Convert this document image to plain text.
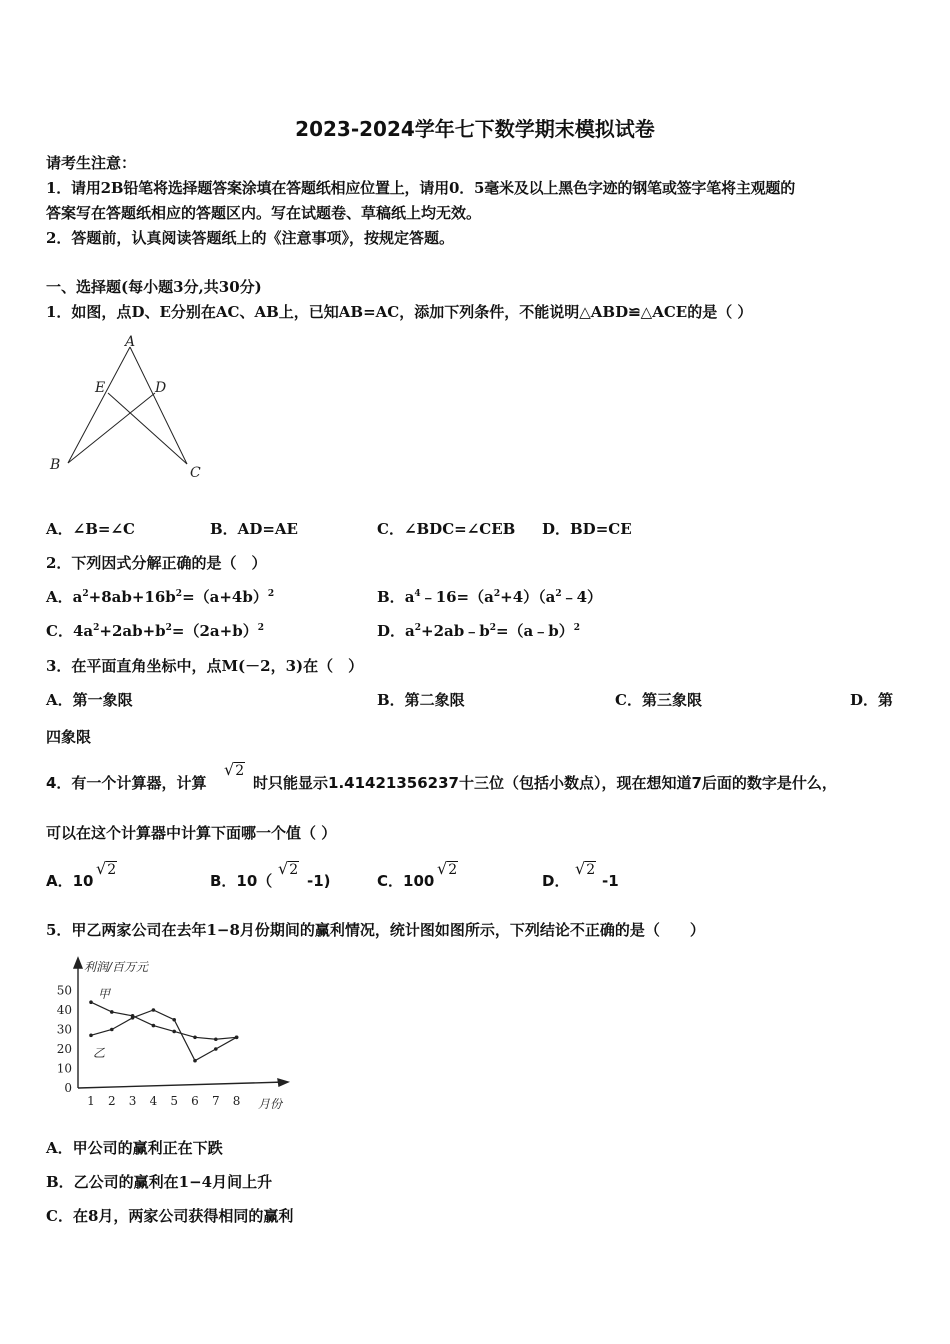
2023-2024学年七下数学期末模拟试卷
请考生注意：
1．请用2B铅笔将选择题答案涂填在答题纸相应位置上，请用0．5毫米及以上黑色字迹的钢笔或签字笔将主观题的
答案写在答题纸相应的答题区内。写在试题卷、草稿纸上均无效。
2．答题前，认真阅读答题纸上的《注意事项》，按规定答题。
一、选择题(每小题3分,共30分)
1．如图，点D、E分别在AC、AB上，已知AB=AC，添加下列条件，不能说明△ABD≌△ACE的是（ ）
A
E	D
B	C
A．∠B=∠C	B．AD=AE	C．∠BDC=∠CEB D．BD=CE
2．下列因式分解正确的是（　）
A．$a^2+8ab+16b^2=(a+4b)^2$	B．$a^4﹣16=(a^2+4)(a^2﹣4)$
C．$4a^2+2ab+b^2=(2a+b)^2$	D．$a^2+2ab﹣b^2=(a﹣b)^2$
3．在平面直角坐标中，点M(－2，3)在（　）
A．第一象限	B．第二象限	C．第三象限	D．第
四象限
4．有一个计算器，计算
√2
时只能显示1.41421356237十三位（包括小数点），现在想知道7后面的数字是什么，
可以在这个计算器中计算下面哪一个值（ ）
A．10
√2
B．10（
√2
-1)	C．100
√2
D．
√2
-1
5．甲乙两家公司在去年1−8月份期间的赢利情况，统计图如图所示，下列结论不正确的是（　　）
0
10
20
30
40
50
1 2 3 4 5 6 7 8
利润/百万元
月份
甲
乙
A．甲公司的赢利正在下跌
B．乙公司的赢利在1−4月间上升
C．在8月，两家公司获得相同的赢利
